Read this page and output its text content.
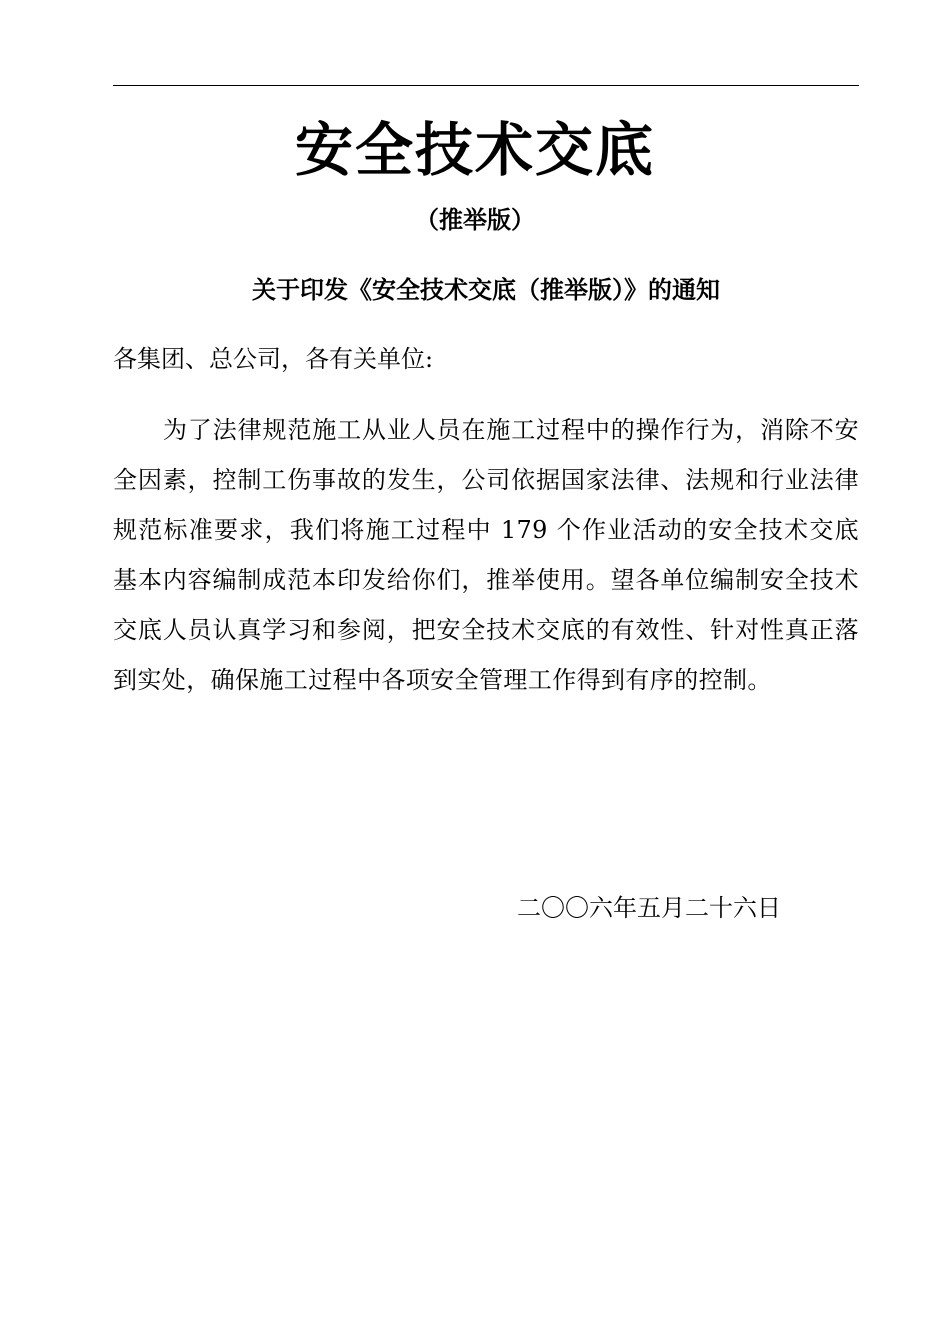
安全技术交底
（推举版）
关于印发《安全技术交底（推举版）》的通知
各集团、总公司，各有关单位:

为了法律规范施工从业人员在施工过程中的操作行为，消除不安全因素，控制工伤事故的发生，公司依据国家法律、法规和行业法律规范标准要求，我们将施工过程中 179 个作业活动的安全技术交底基本内容编制成范本印发给你们，推举使用。望各单位编制安全技术交底人员认真学习和参阅，把安全技术交底的有效性、针对性真正落到实处，确保施工过程中各项安全管理工作得到有序的控制。

二〇〇六年五月二十六日
